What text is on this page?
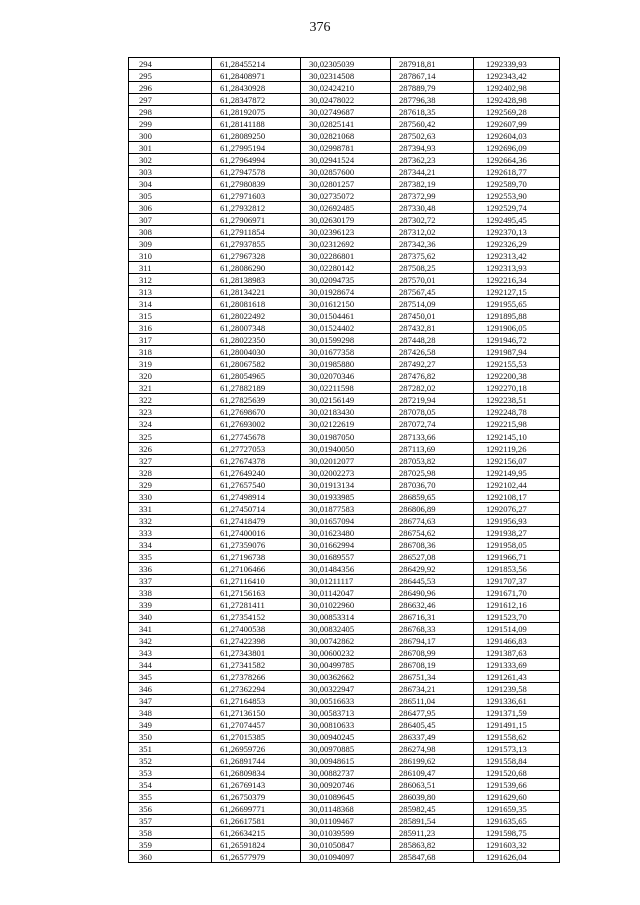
376
294	61,28455214	30,02305039	287918,81	1292339,93
295	61,28408971	30,02314508	287867,14	1292343,42
296	61,28430928	30,02424210	287889,79	1292402,98
297	61,28347872	30,02478022	287796,38	1292428,98
298	61,28192075	30,02749687	287618,35	1292569,28
299	61,28141188	30,02825141	287560,42	1292607,99
300	61,28089250	30,02821068	287502,63	1292604,03
301	61,27995194	30,02998781	287394,93	1292696,09
302	61,27964994	30,02941524	287362,23	1292664,36
303	61,27947578	30,02857600	287344,21	1292618,77
304	61,27980839	30,02801257	287382,19	1292589,70
305	61,27971603	30,02735072	287372,99	1292553,90
306	61,27932812	30,02692485	287330,48	1292529,74
307	61,27906971	30,02630179	287302,72	1292495,45
308	61,27911854	30,02396123	287312,02	1292370,13
309	61,27937855	30,02312692	287342,36	1292326,29
310	61,27967328	30,02286801	287375,62	1292313,42
311	61,28086290	30,02280142	287508,25	1292313,93
312	61,28138983	30,02094735	287570,01	1292216,34
313	61,28134221	30,01928674	287567,45	1292127,15
314	61,28081618	30,01612150	287514,09	1291955,65
315	61,28022492	30,01504461	287450,01	1291895,88
316	61,28007348	30,01524402	287432,81	1291906,05
317	61,28022350	30,01599298	287448,28	1291946,72
318	61,28004030	30,01677358	287426,58	1291987,94
319	61,28067582	30,01985880	287492,27	1292155,53
320	61,28054965	30,02070346	287476,82	1292200,38
321	61,27882189	30,02211598	287282,02	1292270,18
322	61,27825639	30,02156149	287219,94	1292238,51
323	61,27698670	30,02183430	287078,05	1292248,78
324	61,27693002	30,02122619	287072,74	1292215,98
325	61,27745678	30,01987050	287133,66	1292145,10
326	61,27727053	30,01940050	287113,69	1292119,26
327	61,27674378	30,02012077	287053,82	1292156,07
328	61,27649240	30,02002273	287025,98	1292149,95
329	61,27657540	30,01913134	287036,70	1292102,44
330	61,27498914	30,01933985	286859,65	1292108,17
331	61,27450714	30,01877583	286806,89	1292076,27
332	61,27418479	30,01657094	286774,63	1291956,93
333	61,27400016	30,01623480	286754,62	1291938,27
334	61,27359076	30,01662994	286708,36	1291958,05
335	61,27196738	30,01689557	286527,08	1291966,71
336	61,27106466	30,01484356	286429,92	1291853,56
337	61,27116410	30,01211117	286445,53	1291707,37
338	61,27156163	30,01142047	286490,96	1291671,70
339	61,27281411	30,01022960	286632,46	1291612,16
340	61,27354152	30,00853314	286716,31	1291523,70
341	61,27400538	30,00832405	286768,33	1291514,09
342	61,27422398	30,00742862	286794,17	1291466,83
343	61,27343801	30,00600232	286708,99	1291387,63
344	61,27341582	30,00499785	286708,19	1291333,69
345	61,27378266	30,00362662	286751,34	1291261,43
346	61,27362294	30,00322947	286734,21	1291239,58
347	61,27164853	30,00516633	286511,04	1291336,61
348	61,27136150	30,00583713	286477,95	1291371,59
349	61,27074457	30,00810633	286405,45	1291491,15
350	61,27015385	30,00940245	286337,49	1291558,62
351	61,26959726	30,00970885	286274,98	1291573,13
352	61,26891744	30,00948615	286199,62	1291558,84
353	61,26809834	30,00882737	286109,47	1291520,68
354	61,26769143	30,00920746	286063,51	1291539,66
355	61,26750379	30,01089645	286039,80	1291629,60
356	61,26699771	30,01148368	285982,45	1291659,35
357	61,26617581	30,01109467	285891,54	1291635,65
358	61,26634215	30,01039599	285911,23	1291598,75
359	61,26591824	30,01050847	285863,82	1291603,32
360	61,26577979	30,01094097	285847,68	1291626,04
